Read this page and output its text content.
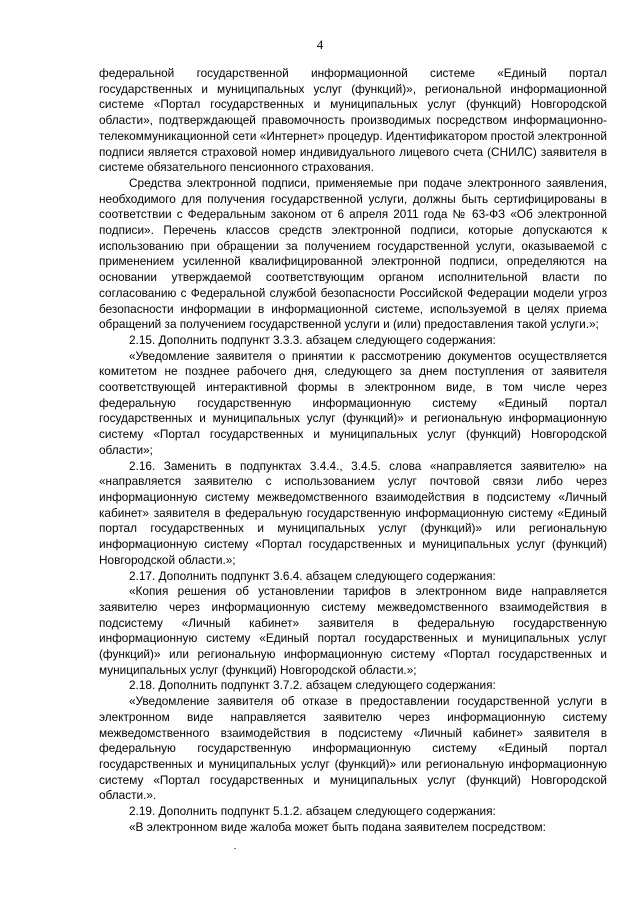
4

федеральной государственной информационной системе «Единый портал государственных и муниципальных услуг (функций)», региональной информационной системе «Портал государственных и муниципальных услуг (функций) Новгородской области», подтверждающей правомочность производимых посредством информационно-телекоммуникационной сети «Интернет» процедур. Идентификатором простой электронной подписи является страховой номер индивидуального лицевого счета (СНИЛС) заявителя в системе обязательного пенсионного страхования.

Средства электронной подписи, применяемые при подаче электронного заявления, необходимого для получения государственной услуги, должны быть сертифицированы в соответствии с Федеральным законом от 6 апреля 2011 года № 63-ФЗ «Об электронной подписи». Перечень классов средств электронной подписи, которые допускаются к использованию при обращении за получением государственной услуги, оказываемой с применением усиленной квалифицированной электронной подписи, определяются на основании утверждаемой соответствующим органом исполнительной власти по согласованию с Федеральной службой безопасности Российской Федерации модели угроз безопасности информации в информационной системе, используемой в целях приема обращений за получением государственной услуги и (или) предоставления такой услуги.»;

2.15. Дополнить подпункт 3.3.3. абзацем следующего содержания:

«Уведомление заявителя о принятии к рассмотрению документов осуществляется комитетом не позднее рабочего дня, следующего за днем поступления от заявителя соответствующей интерактивной формы в электронном виде, в том числе через федеральную государственную информационную систему «Единый портал государственных и муниципальных услуг (функций)» и региональную информационную систему «Портал государственных и муниципальных услуг (функций) Новгородской области»;

2.16. Заменить в подпунктах 3.4.4., 3.4.5. слова «направляется заявителю» на «направляется заявителю с использованием услуг почтовой связи либо через информационную систему межведомственного взаимодействия в подсистему «Личный кабинет» заявителя в федеральную государственную информационную систему «Единый портал государственных и муниципальных услуг (функций)» или региональную информационную систему «Портал государственных и муниципальных услуг (функций) Новгородской области.»;

2.17. Дополнить подпункт 3.6.4. абзацем следующего содержания:

«Копия решения об установлении тарифов в электронном виде направляется заявителю через информационную систему межведомственного взаимодействия в подсистему «Личный кабинет» заявителя в федеральную государственную информационную систему «Единый портал государственных и муниципальных услуг (функций)» или региональную информационную систему «Портал государственных и муниципальных услуг (функций) Новгородской области.»;

2.18. Дополнить подпункт 3.7.2. абзацем следующего содержания:

«Уведомление заявителя об отказе в предоставлении государственной услуги в электронном виде направляется заявителю через информационную систему межведомственного взаимодействия в подсистему «Личный кабинет» заявителя в федеральную государственную информационную систему «Единый портал государственных и муниципальных услуг (функций)» или региональную информационную систему «Портал государственных и муниципальных услуг (функций) Новгородской области.».

2.19. Дополнить подпункт 5.1.2. абзацем следующего содержания:

«В электронном виде жалоба может быть подана заявителем посредством:
